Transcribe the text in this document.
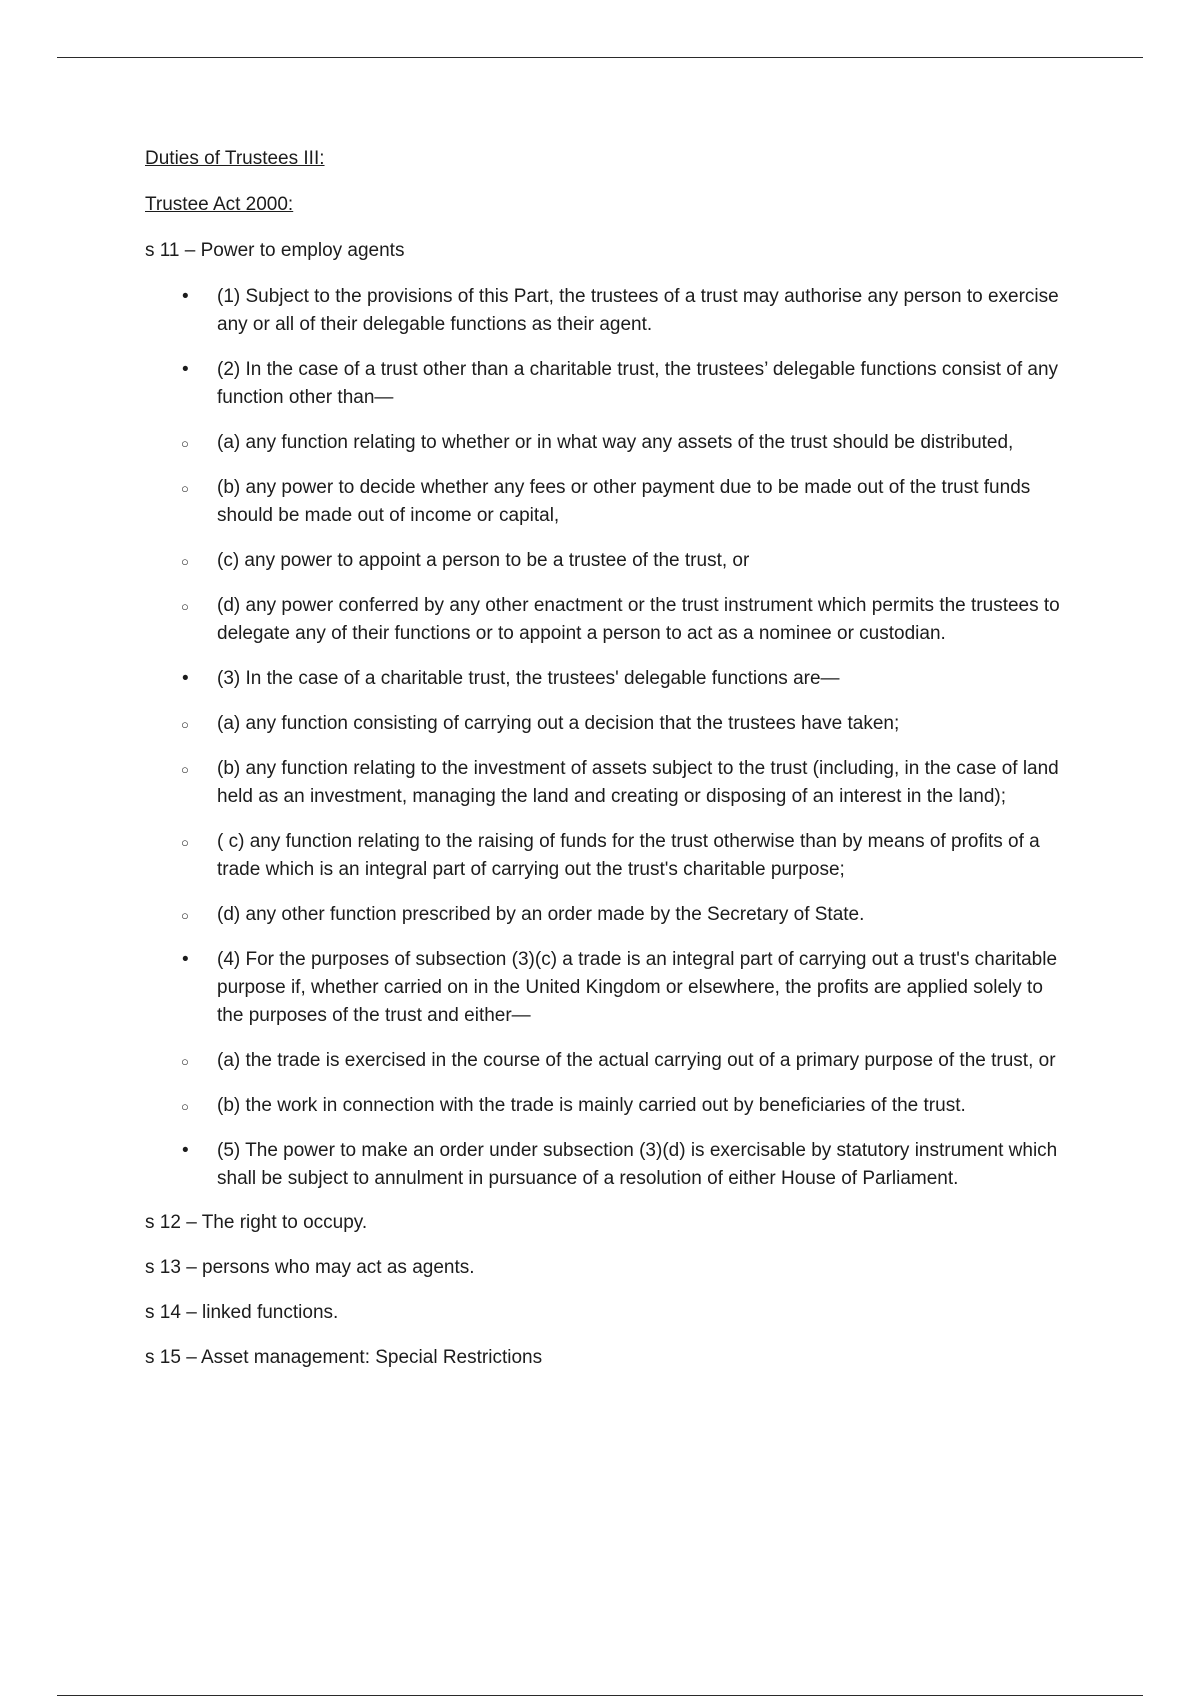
Duties of Trustees III:
Trustee Act 2000:
s 11 – Power to employ agents
• (1) Subject to the provisions of this Part, the trustees of a trust may authorise any person to exercise any or all of their delegable functions as their agent.
• (2) In the case of a trust other than a charitable trust, the trustees’ delegable functions consist of any function other than—
○ (a) any function relating to whether or in what way any assets of the trust should be distributed,
○ (b) any power to decide whether any fees or other payment due to be made out of the trust funds should be made out of income or capital,
○ (c) any power to appoint a person to be a trustee of the trust, or
○ (d) any power conferred by any other enactment or the trust instrument which permits the trustees to delegate any of their functions or to appoint a person to act as a nominee or custodian.
• (3) In the case of a charitable trust, the trustees' delegable functions are—
○ (a) any function consisting of carrying out a decision that the trustees have taken;
○ (b) any function relating to the investment of assets subject to the trust (including, in the case of land held as an investment, managing the land and creating or disposing of an interest in the land);
○ ( c) any function relating to the raising of funds for the trust otherwise than by means of profits of a trade which is an integral part of carrying out the trust's charitable purpose;
○ (d) any other function prescribed by an order made by the Secretary of State.
• (4) For the purposes of subsection (3)(c) a trade is an integral part of carrying out a trust's charitable purpose if, whether carried on in the United Kingdom or elsewhere, the profits are applied solely to the purposes of the trust and either—
○ (a) the trade is exercised in the course of the actual carrying out of a primary purpose of the trust, or
○ (b) the work in connection with the trade is mainly carried out by beneficiaries of the trust.
• (5) The power to make an order under subsection (3)(d) is exercisable by statutory instrument which shall be subject to annulment in pursuance of a resolution of either House of Parliament.
s 12 – The right to occupy.
s 13 – persons who may act as agents.
s 14 – linked functions.
s 15 – Asset management: Special Restrictions
